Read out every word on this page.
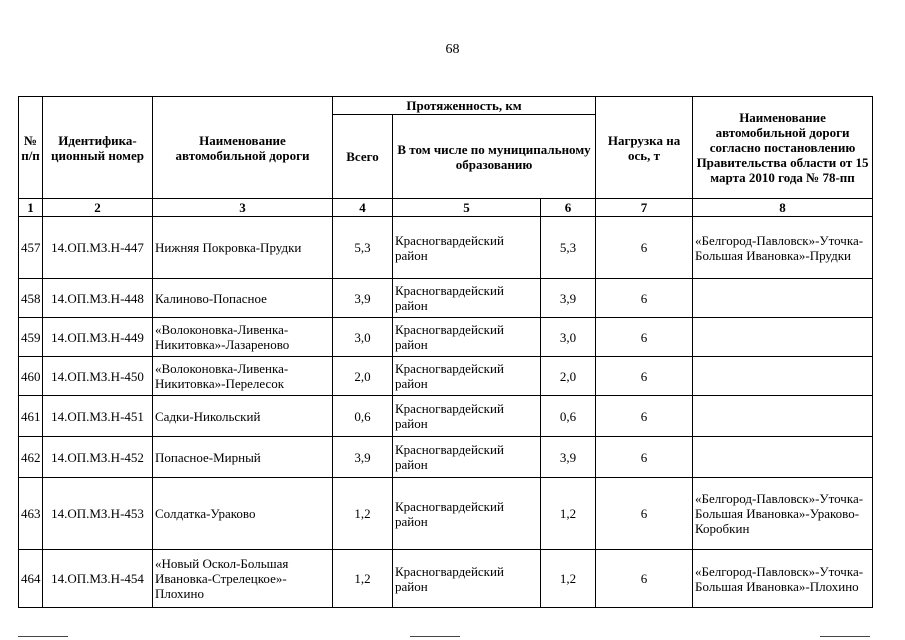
68
№ п/п	Идентифика-ционный номер	Наименование автомобильной дороги	Протяженность, км			Нагрузка на ось, т	Наименование автомобильной дороги согласно постановлению Правительства области от 15 марта 2010 года № 78-пп
			Всего	В том числе по муниципальному образованию			
1	2	3	4	5	6	7	8
457	14.ОП.МЗ.Н-447	Нижняя Покровка-Прудки	5,3	Красногвардейский район	5,3	6	«Белгород-Павловск»-Уточка-Большая Ивановка»-Прудки
458	14.ОП.МЗ.Н-448	Калиново-Попасное	3,9	Красногвардейский район	3,9	6	
459	14.ОП.МЗ.Н-449	«Волоконовка-Ливенка-Никитовка»-Лазареново	3,0	Красногвардейский район	3,0	6	
460	14.ОП.МЗ.Н-450	«Волоконовка-Ливенка-Никитовка»-Перелесок	2,0	Красногвардейский район	2,0	6	
461	14.ОП.МЗ.Н-451	Садки-Никольский	0,6	Красногвардейский район	0,6	6	
462	14.ОП.МЗ.Н-452	Попасное-Мирный	3,9	Красногвардейский район	3,9	6	
463	14.ОП.МЗ.Н-453	Солдатка-Ураково	1,2	Красногвардейский район	1,2	6	«Белгород-Павловск»-Уточка-Большая Ивановка»-Ураково-Коробкин
464	14.ОП.МЗ.Н-454	«Новый Оскол-Большая Ивановка-Стрелецкое»-Плохино	1,2	Красногвардейский район	1,2	6	«Белгород-Павловск»-Уточка-Большая Ивановка»-Плохино
